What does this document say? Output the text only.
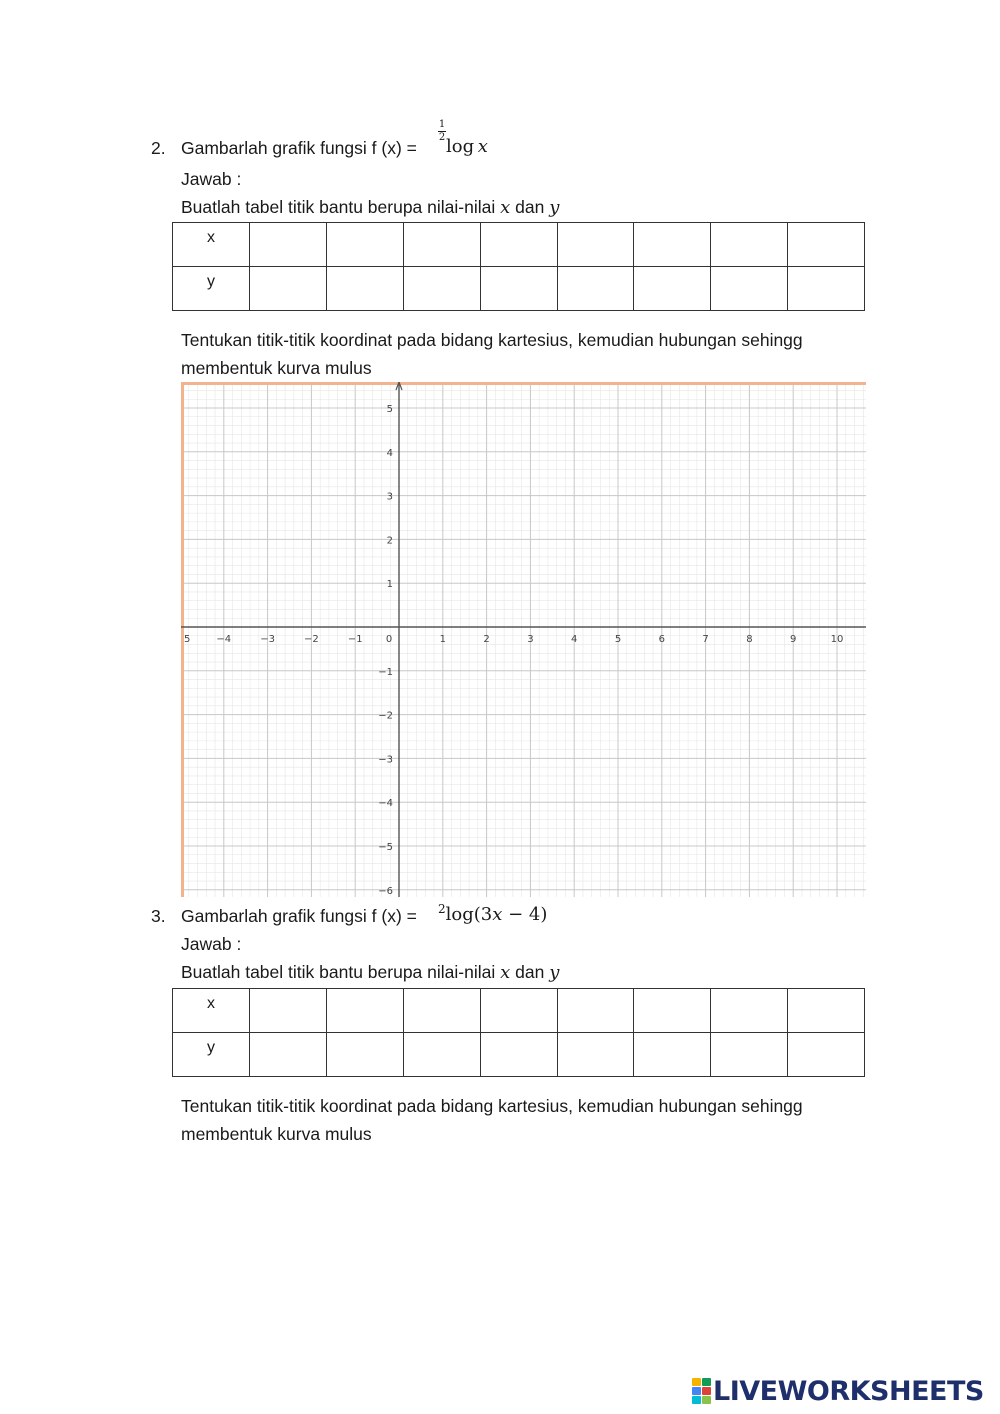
2. Gambarlah grafik fungsi f (x) =
$\frac{1}{2}\log$  x
Jawab :
Buatlah tabel titik bantu berupa nilai-nilai x dan y
x								
y								
Tentukan titik-titik koordinat pada bidang kartesius, kemudian hubungan sehingg
membentuk kurva mulus
5	−4	−3	−2	−1 0	1	2	3	4	5	6	7	8	9	10
5
4
3
2
1
−1
−2
−3
−4
−5
−6
3. Gambarlah grafik fungsi f (x) = $^2$log(3x − 4)
Jawab :
Buatlah tabel titik bantu berupa nilai-nilai x dan y
x								
y								
Tentukan titik-titik koordinat pada bidang kartesius, kemudian hubungan sehingg
membentuk kurva mulus
LIVEWORKSHEETS
